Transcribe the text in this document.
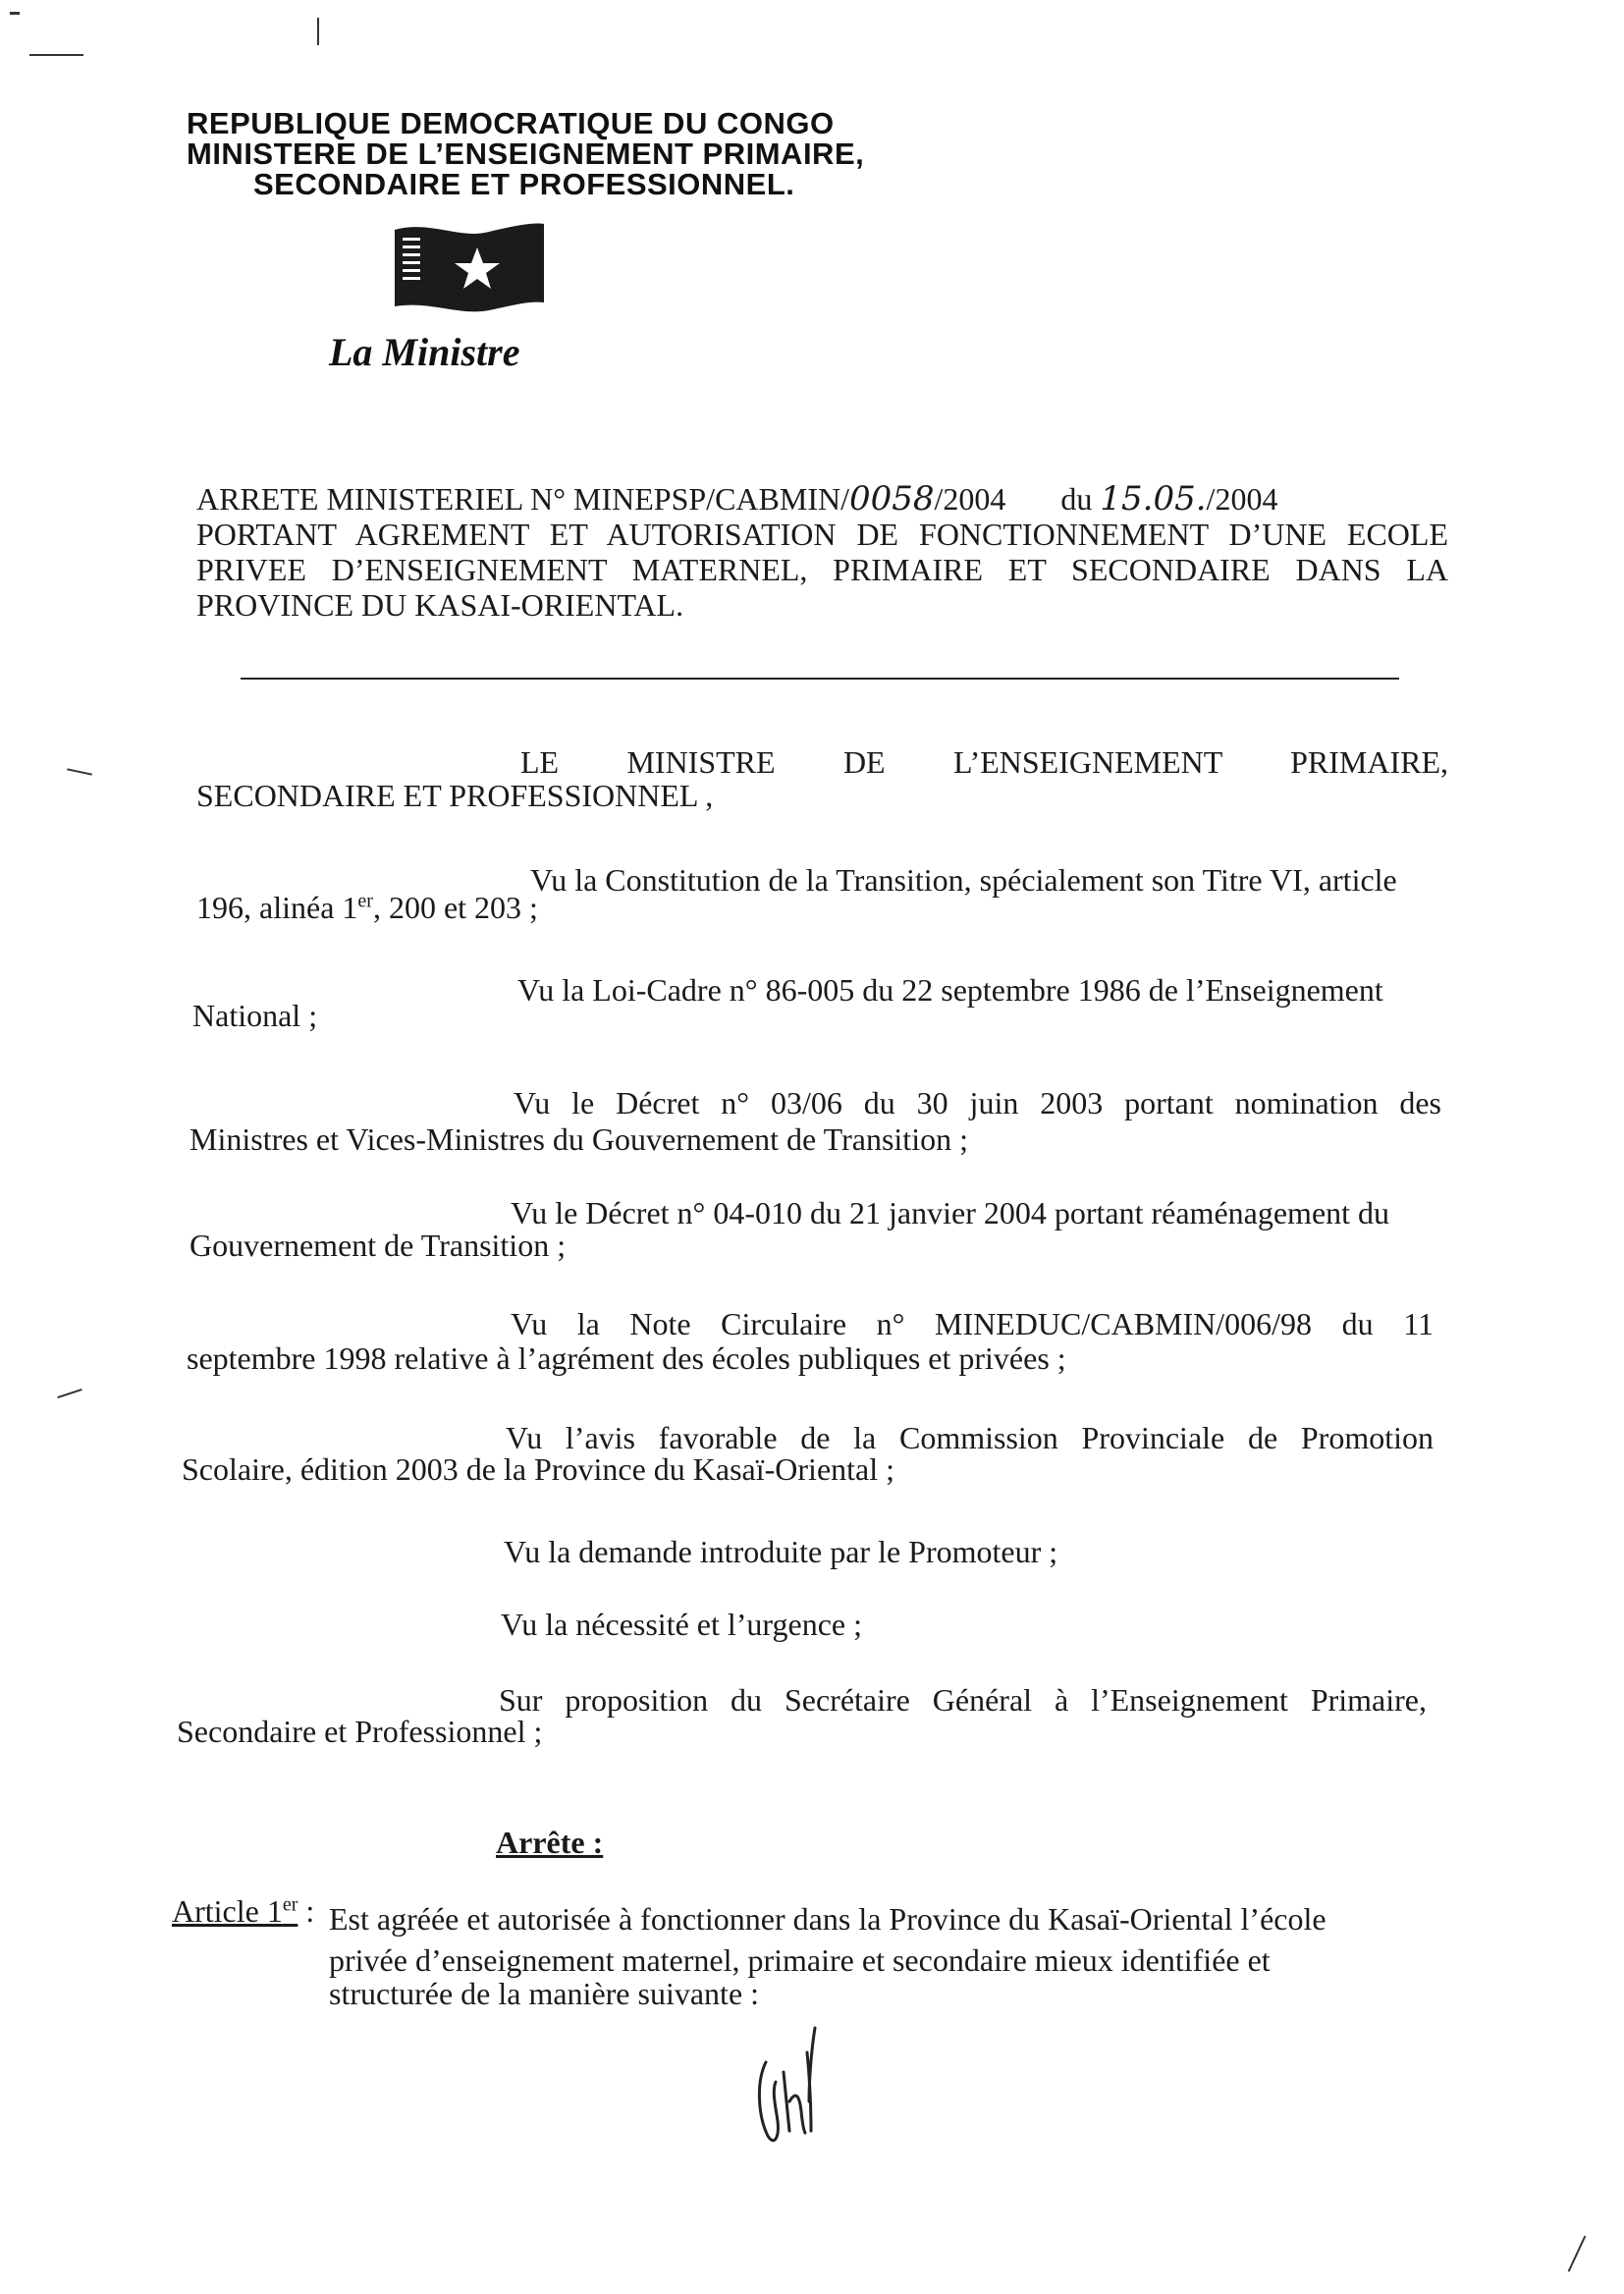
REPUBLIQUE DEMOCRATIQUE DU CONGO
MINISTERE DE L’ENSEIGNEMENT PRIMAIRE,
SECONDAIRE ET PROFESSIONNEL.
La Ministre
ARRETE MINISTERIEL N° MINEPSP/CABMIN/0058/2004 du 15.05./2004
PORTANT AGREMENT ET AUTORISATION DE FONCTIONNEMENT D’UNE ECOLE
PRIVEE D’ENSEIGNEMENT MATERNEL, PRIMAIRE ET SECONDAIRE DANS LA
PROVINCE DU KASAI-ORIENTAL.
LE MINISTRE DE L’ENSEIGNEMENT PRIMAIRE,
SECONDAIRE ET PROFESSIONNEL ,
Vu la Constitution de la Transition, spécialement son Titre VI, article
196, alinéa 1er, 200 et 203 ;
Vu la Loi-Cadre n° 86-005 du 22 septembre 1986 de l’Enseignement
National ;
Vu le Décret n° 03/06 du 30 juin 2003 portant nomination des
Ministres et Vices-Ministres du Gouvernement de Transition ;
Vu le Décret n° 04-010 du 21 janvier 2004 portant réaménagement du
Gouvernement de Transition ;
Vu la Note Circulaire n° MINEDUC/CABMIN/006/98 du 11
septembre 1998 relative à l’agrément des écoles publiques et privées ;
Vu l’avis favorable de la Commission Provinciale de Promotion
Scolaire, édition 2003 de la Province du Kasaï-Oriental ;
Vu la demande introduite par le Promoteur ;
Vu la nécessité et l’urgence ;
Sur proposition du Secrétaire Général à l’Enseignement Primaire,
Secondaire et Professionnel ;
Arrête :
Article 1er : Est agréée et autorisée à fonctionner dans la Province du Kasaï-Oriental l’école
privée d’enseignement maternel, primaire et secondaire mieux identifiée et
structurée de la manière suivante :
